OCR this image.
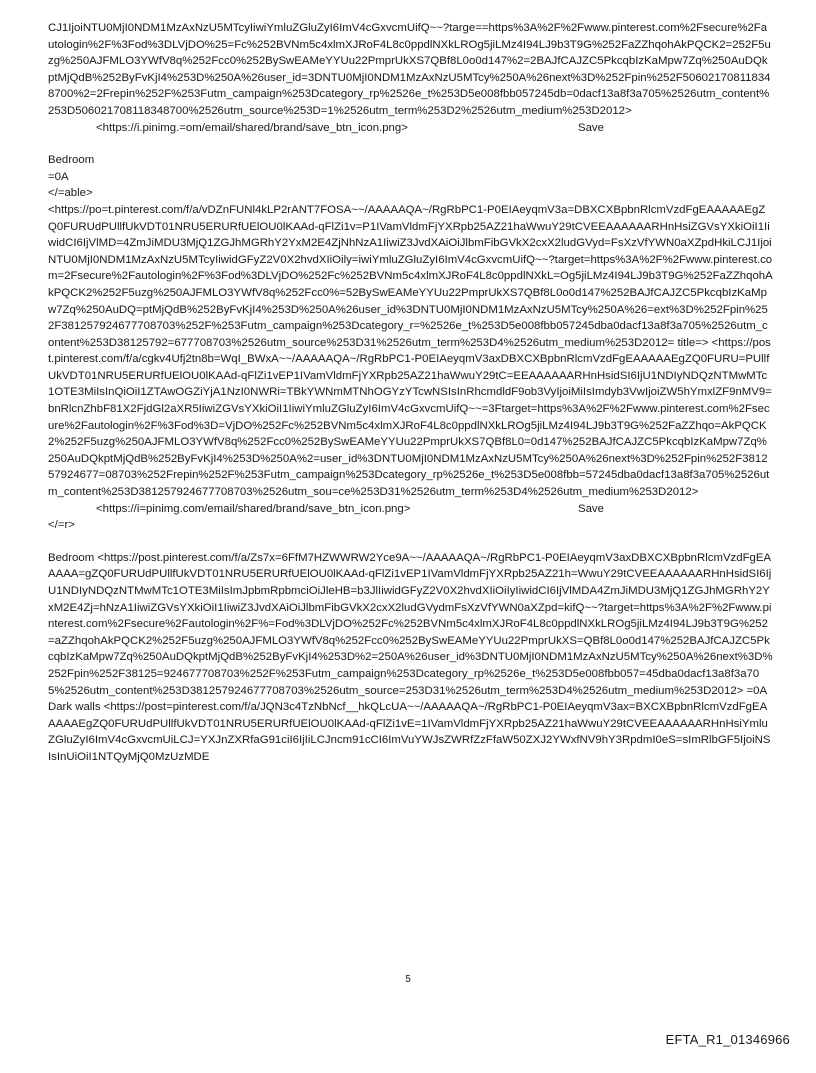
CJ1IjoiNTU0MjI0NDM1MzAxNzU5MTcyIiwiYmluZGluZyI6ImV4cGxvcmUifQ~~?targe==https%3A%2F%2Fwww.pinterest.com%2Fsecure%2Fautologin%2F%3Fod%3DLVjDO%25=Fc%252BVNm5c4xlmXJRoF4L8c0ppdlNXkLROg5jiLMz4I94LJ9b3T9G%252FaZZhqohAkPQCK2=252F5uzg%250AJFMLO3YWfV8q%252Fcc0%252BySwEAMeYYUu22PmprUkXS7QBf8L0o0d147%2=2BAJfCAJZC5PkcqbIzKaMpw7Zq%250AuDQkptMjQdB%252ByFvKjI4%253D%250A%26user_id=3DNTU0MjI0NDM1MzAxNzU5MTcy%250A%26next%3D%252Fpin%252F506021708118348700%2=2Frepin%252F%253Futm_campaign%253Dcategory_rp%2526e_t%253D5e008fbb057245db=0dacf13a8f3a705%2526utm_content%253D506021708118348700%2526utm_source%253D=1%2526utm_term%253D2%2526utm_medium%253D2012>

<https://i.pinimg.=om/email/shared/brand/save_btn_icon.png>	Save
Bedroom
=0A
</=able>

<https://po=t.pinterest.com/f/a/vDZnFUNl4kLP2rANT7FOSA~~/AAAAAQA~/RgRbPC1-P0EIAeyqmV3a=DBXCXBpbnRlcmVzdFgEAAAAAEgZQ0FURUdPUllfUkVDT01NRU5ERURfUElOU0lKAAd-qFlZi1v=P1IVamVldmFjYXRpb25AZ21haWwuY29tCVEEAAAAAARHnHsiZGVsYXkiOiI1IiwidCI6IjVlMD=4ZmJiMDU3MjQ1ZGJhMGRhY2YxM2E4ZjNhNzA1IiwiZ3JvdXAiOiJlbmFibGVkX2cxX2ludGVyd=FsXzVfYWN0aXZpdHkiLCJ1IjoiNTU0MjI0NDM1MzAxNzU5MTcyIiwidGFyZ2V0X2hvdXIiOily=iwiYmluZGluZyI6ImV4cGxvcmUifQ~~?target=https%3A%2F%2Fwww.pinterest.com=2Fsecure%2Fautologin%2F%3Fod%3DLVjDO%252Fc%252BVNm5c4xlmXJRoF4L8c0ppdlNXkL=Og5jiLMz4I94LJ9b3T9G%252FaZZhqohAkPQCK2%252F5uzg%250AJFMLO3YWfV8q%252Fcc0%=52BySwEAMeYYUu22PmprUkXS7QBf8L0o0d147%252BAJfCAJZC5PkcqbIzKaMpw7Zq%250AuDQ=ptMjQdB%252ByFvKjI4%253D%250A%26user_id%3DNTU0MjI0NDM1MzAxNzU5MTcy%250A%26=ext%3D%252Fpin%252F381257924677708703%252F%253Futm_campaign%253Dcategory_r=%2526e_t%253D5e008fbb057245dba0dacf13a8f3a705%2526utm_content%253D38125792=677708703%2526utm_source%253D31%2526utm_term%253D4%2526utm_medium%253D2012= title=> <https://post.pinterest.com/f/a/cgkv4Ufj2tn8b=WqI_BWxA~~/AAAAAQA~/RgRbPC1-P0EIAeyqmV3axDBXCXBpbnRlcmVzdFgEAAAAAEgZQ0FURU=PUllfUkVDT01NRU5ERURfUElOU0lKAAd-qFlZi1vEP1IVamVldmFjYXRpb25AZ21haWwuY29tC=EEAAAAAARHnHsidSI6IjU1NDIyNDQzNTMwMTc1OTE3MiIsInQiOiI1ZTAwOGZiYjA1NzI0NWRi=TBkYWNmMTNhOGYzYTcwNSIsInRhcmdldF9ob3VyIjoiMiIsImdyb3VwIjoiZW5hYmxlZF9nMV9=bnRlcnZhbF81X2FjdGl2aXR5IiwiZGVsYXkiOiI1IiwiYmluZGluZyI6ImV4cGxvcmUifQ~~=3Ftarget=https%3A%2F%2Fwww.pinterest.com%2Fsecure%2Fautologin%2F%3Fod%3D=VjDO%252Fc%252BVNm5c4xlmXJRoF4L8c0ppdlNXkLROg5jiLMz4I94LJ9b3T9G%252FaZZhqo=AkPQCK2%252F5uzg%250AJFMLO3YWfV8q%252Fcc0%252BySwEAMeYYUu22PmprUkXS7QBf8L0=0d147%252BAJfCAJZC5PkcqbIzKaMpw7Zq%250AuDQkptMjQdB%252ByFvKjI4%253D%250A%2=user_id%3DNTU0MjI0NDM1MzAxNzU5MTcy%250A%26next%3D%252Fpin%252F381257924677=08703%252Frepin%252F%253Futm_campaign%253Dcategory_rp%2526e_t%253D5e008fbb=57245dba0dacf13a8f3a705%2526utm_content%253D381257924677708703%2526utm_sou=ce%253D31%2526utm_term%253D4%2526utm_medium%253D2012>

<https://i=pinimg.com/email/shared/brand/save_btn_icon.png>	Save
</=r>

Bedroom <https://post.pinterest.com/f/a/Zs7x=6FfM7HZWWRW2Yce9A~~/AAAAAQA~/RgRbPC1-P0EIAeyqmV3axDBXCXBpbnRlcmVzdFgEAAAAA=gZQ0FURUdPUllfUkVDT01NRU5ERURfUElOU0lKAAd-qFlZi1vEP1IVamVldmFjYXRpb25AZ21h=WwuY29tCVEEAAAAAARHnHsidSI6IjU1NDIyNDQzNTMwMTc1OTE3MiIsImJpbmRpbmciOiJleHB=b3JlIiwidGFyZ2V0X2hvdXIiOiIyIiwidCI6IjVlMDA4ZmJiMDU3MjQ1ZGJhMGRhY2YxM2E4Zj=hNzA1IiwiZGVsYXkiOiI1IiwiZ3JvdXAiOiJlbmFibGVkX2cxX2ludGVydmFsXzVfYWN0aXZpd=kifQ~~?target=https%3A%2F%2Fwww.pinterest.com%2Fsecure%2Fautologin%2F%=Fod%3DLVjDO%252Fc%252BVNm5c4xlmXJRoF4L8c0ppdlNXkLROg5jiLMz4I94LJ9b3T9G%252=aZZhqohAkPQCK2%252F5uzg%250AJFMLO3YWfV8q%252Fcc0%252BySwEAMeYYUu22PmprUkXS=QBf8L0o0d147%252BAJfCAJZC5PkcqbIzKaMpw7Zq%250AuDQkptMjQdB%252ByFvKjI4%253D%2=250A%26user_id%3DNTU0MjI0NDM1MzAxNzU5MTcy%250A%26next%3D%252Fpin%252F38125=924677708703%252F%253Futm_campaign%253Dcategory_rp%2526e_t%253D5e008fbb057=45dba0dacf13a8f3a705%2526utm_content%253D381257924677708703%2526utm_source=253D31%2526utm_term%253D4%2526utm_medium%253D2012> =0A

Dark walls <https://post=pinterest.com/f/a/JQN3c4TzNbNcf__hkQLcUA~~/AAAAAQA~/RgRbPC1-P0EIAeyqmV3ax=BXCXBpbnRlcmVzdFgEAAAAAEgZQ0FURUdPUllfUkVDT01NRU5ERURfUElOU0lKAAd-qFlZi1vE=1IVamVldmFjYXRpb25AZ21haWwuY29tCVEEAAAAAARHnHsiYmluZGluZyI6ImV4cGxvcmUiLCJ=YXJnZXRfaG91ciI6IjIiLCJncm91cCI6ImVuYWJsZWRfZzFfaW50ZXJ2YWxfNV9hY3RpdmI0eS=sImRlbGF5IjoiNSIsInUiOiI1NTQyMjQ0MzUzMDE

5
EFTA_R1_01346966
